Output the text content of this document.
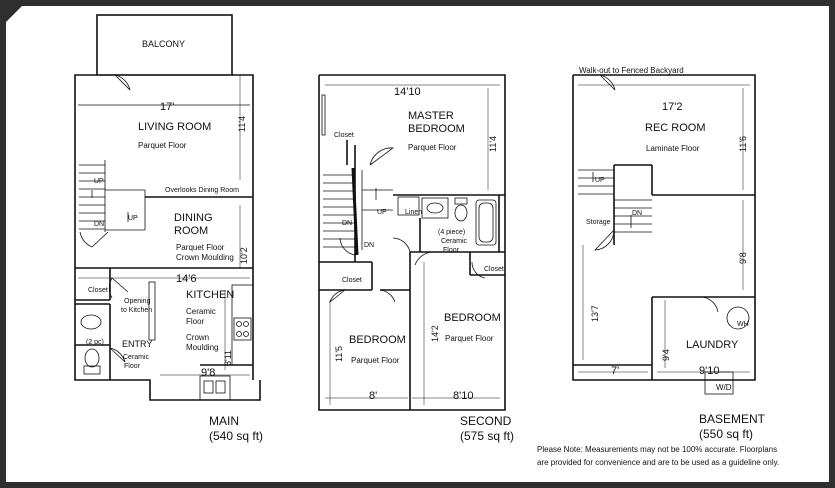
BALCONY
17'
LIVING ROOM
Parquet Floor
11'4
Overlooks Dining Room
UP
DN
UP	DINING
ROOM
Parquet Floor
Crown Moulding 10'2
14'6
Closet
Opening
to Kitchen
KITCHEN
Ceramic
Floor
Crown
Moulding
(2 pc) ENTRY
Ceramic
Floor
8'11
9'8
MAIN
(540 sq ft)
14'10
MASTER
BEDROOM
Parquet Floor	11'4
Closet
UP
DN
DN
Linen
(4 piece)
Ceramic
Floor
Closet
Closet
BEDROOM
Parquet Floor
14'2
BEDROOM
Parquet Floor
11'5
8'	8'10
SECOND
(575 sq ft)
Walk-out to Fenced Backyard
17'2
REC ROOM
Laminate Floor	11'6
UP
DN
Storage
9'8
13'7
WH
LAUNDRY
9'4
7'	9'10
W/D
BASEMENT
(550 sq ft)
Please Note: Measurements may not be 100% accurate. Floorplans
are provided for convenience and are to be used as a guideline only.
